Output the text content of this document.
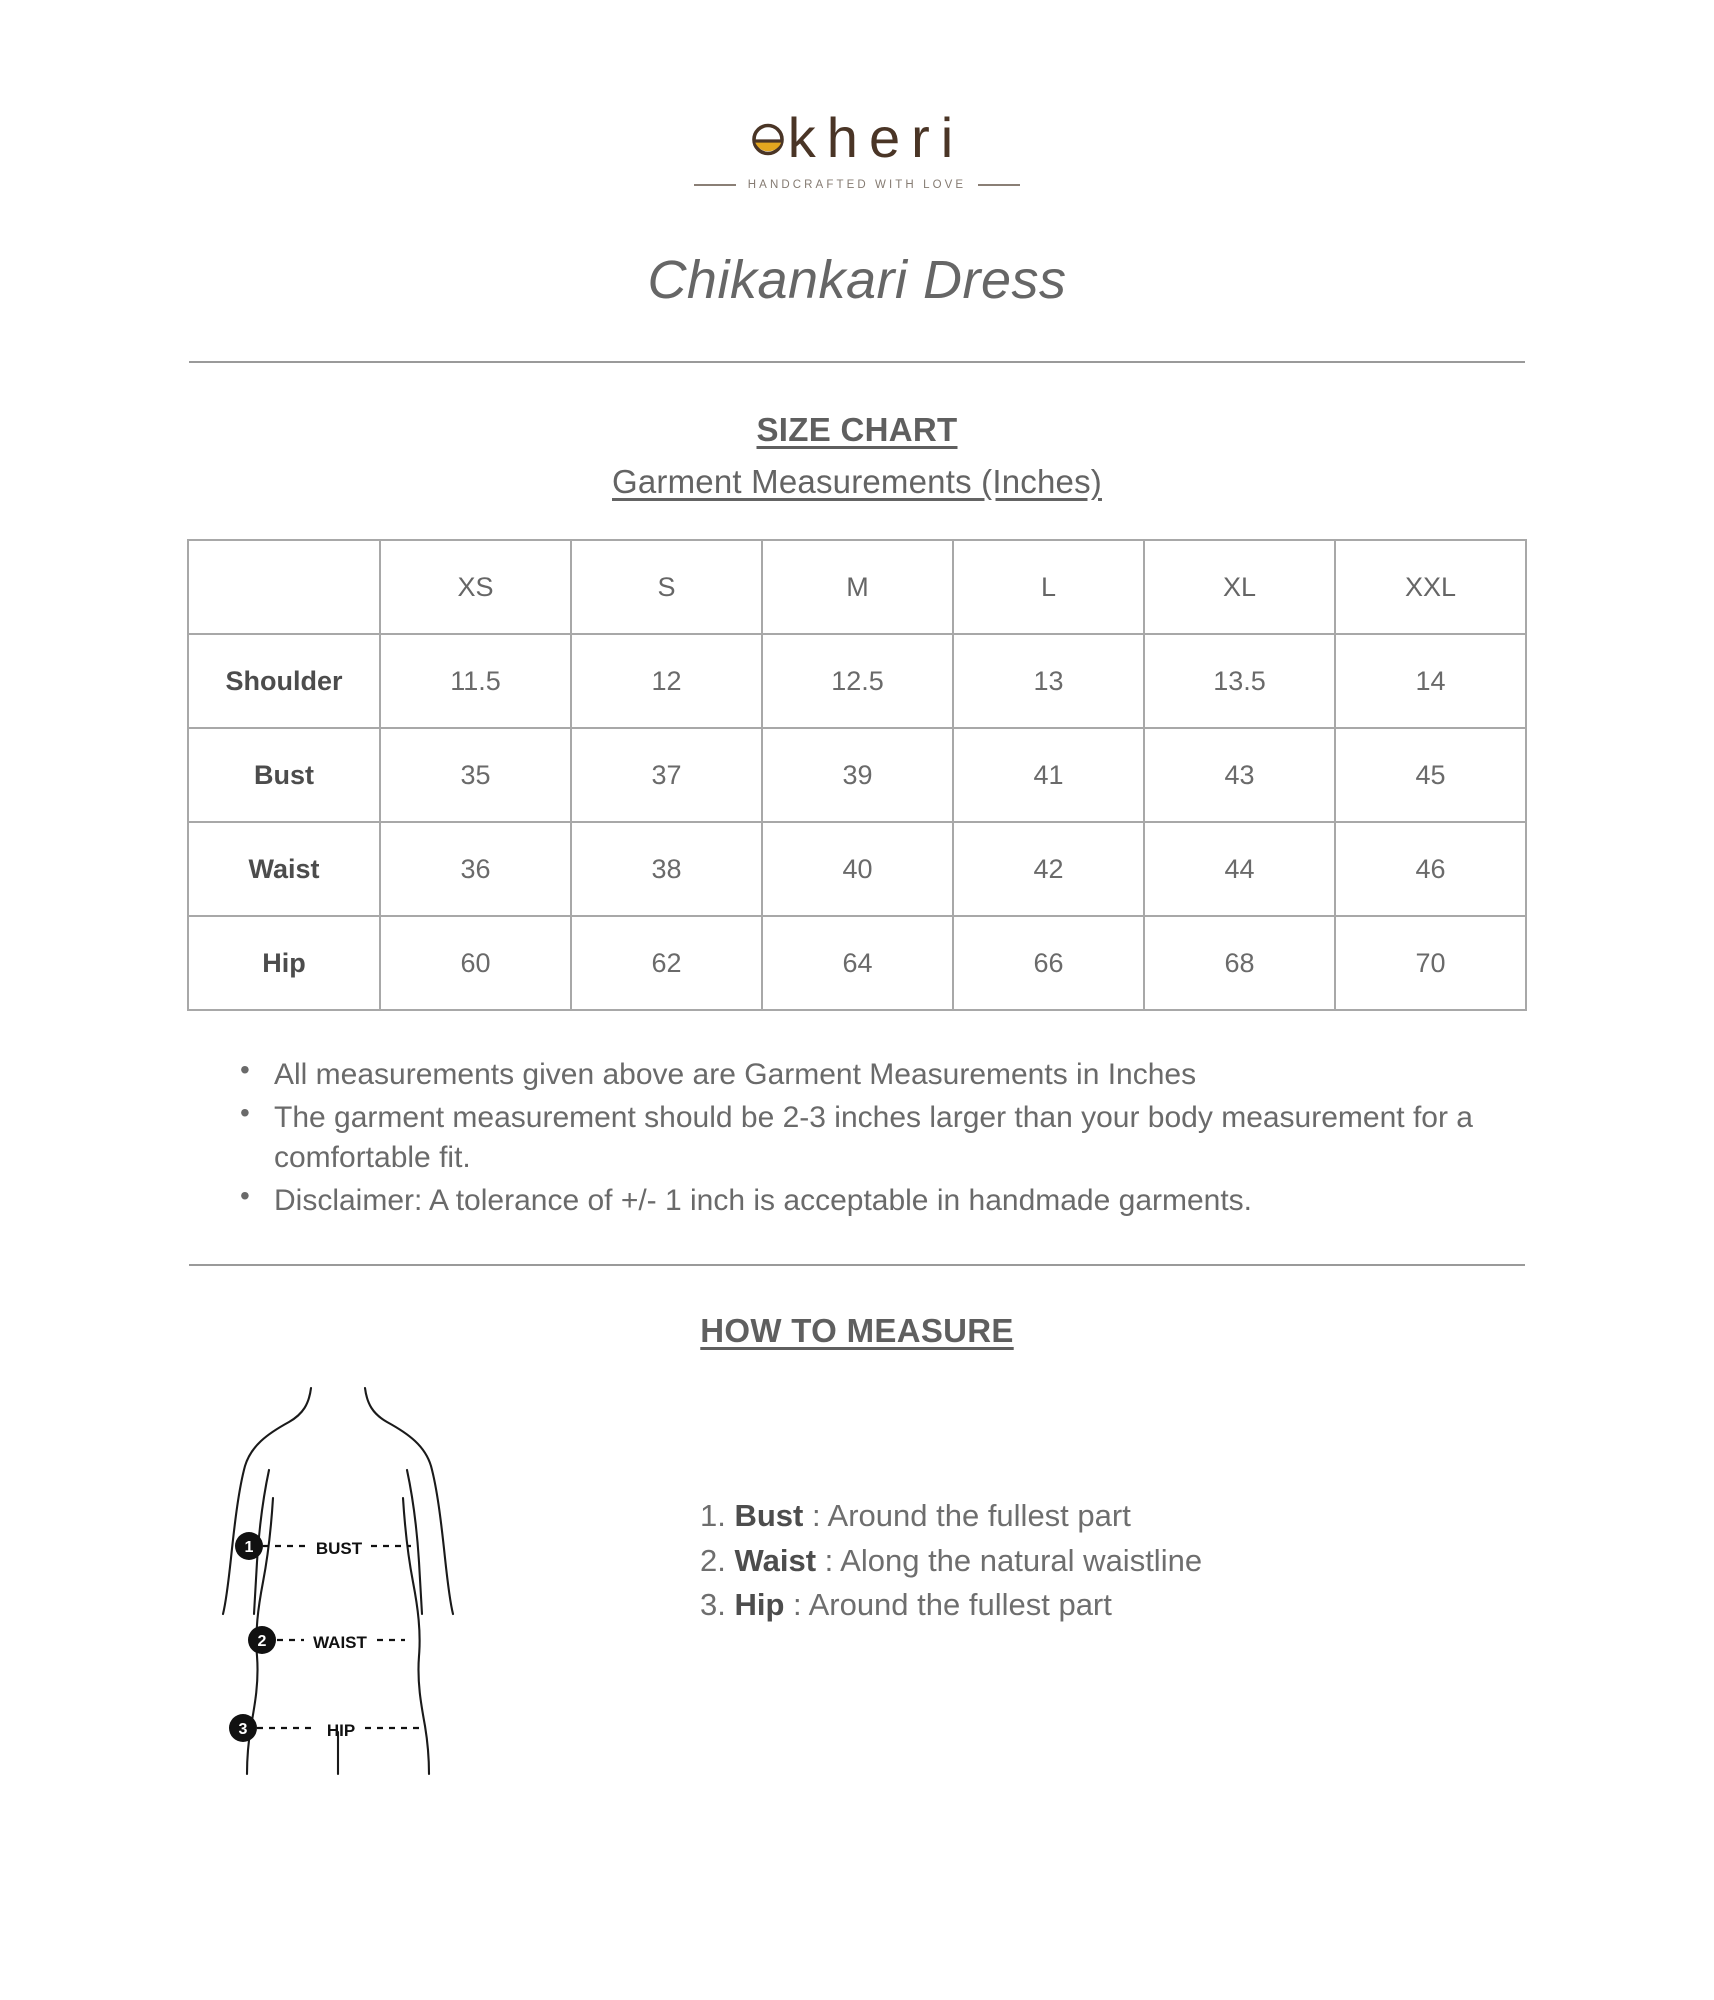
kheri
HANDCRAFTED WITH LOVE
Chikankari Dress
SIZE CHART
Garment Measurements (Inches)
	XS	S	M	L	XL	XXL
Shoulder	11.5	12	12.5	13	13.5	14
Bust	35	37	39	41	43	45
Waist	36	38	40	42	44	46
Hip	60	62	64	66	68	70
• All measurements given above are Garment Measurements in Inches
• The garment measurement should be 2-3 inches larger than your body measurement for a comfortable fit.
• Disclaimer: A tolerance of +/- 1 inch is acceptable in handmade garments.
HOW TO MEASURE
BUST
1
WAIST
2
HIP
3
1. Bust : Around the fullest part
2. Waist : Along the natural waistline
3. Hip : Around the fullest part
